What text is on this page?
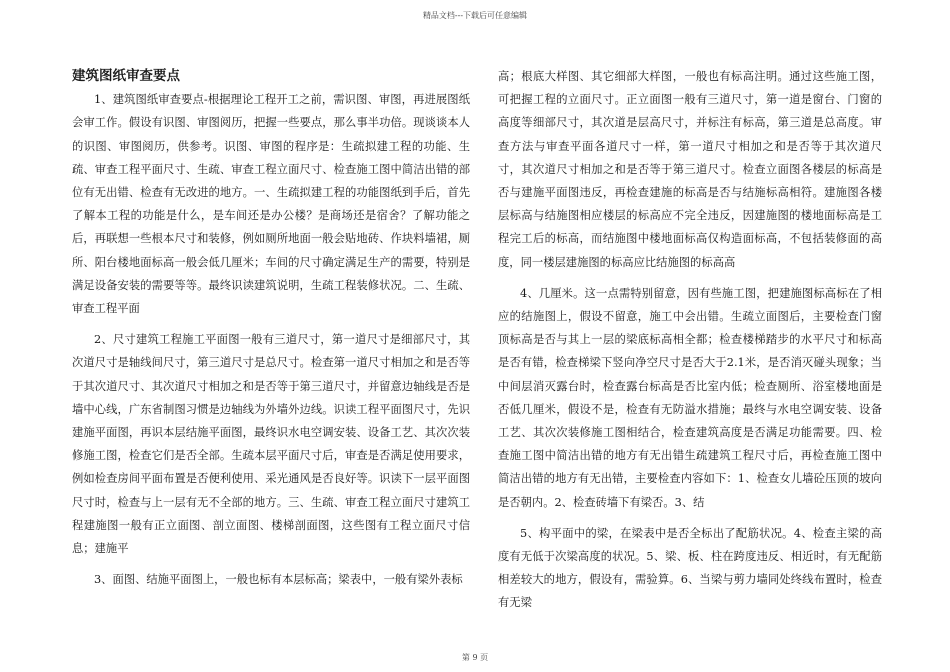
精品文档---下载后可任意编辑
建筑图纸审查要点

1、建筑图纸审查要点-根据理论工程开工之前，需识图、审图，再进展图纸会审工作。假设有识图、审图阅历，把握一些要点，那么事半功倍。现谈谈本人的识图、审图阅历，供参考。识图、审图的程序是：生疏拟建工程的功能、生疏、审查工程平面尺寸、生疏、审查工程立面尺寸、检查施工图中简洁出错的部位有无出错、检查有无改进的地方。一、生疏拟建工程的功能图纸到手后，首先了解本工程的功能是什么，是车间还是办公楼？是商场还是宿舍？了解功能之后，再联想一些根本尺寸和装修，例如厕所地面一般会贴地砖、作块料墙裙，厕所、阳台楼地面标高一般会低几厘米；车间的尺寸确定满足生产的需要，特别是满足设备安装的需要等等。最终识读建筑说明，生疏工程装修状况。二、生疏、审查工程平面

2、尺寸建筑工程施工平面图一般有三道尺寸，第一道尺寸是细部尺寸，其次道尺寸是轴线间尺寸，第三道尺寸是总尺寸。检查第一道尺寸相加之和是否等于其次道尺寸、其次道尺寸相加之和是否等于第三道尺寸，并留意边轴线是否是墙中心线，广东省制图习惯是边轴线为外墙外边线。识读工程平面图尺寸，先识建施平面图，再识本层结施平面图，最终识水电空调安装、设备工艺、其次次装修施工图，检查它们是否全部。生疏本层平面尺寸后，审查是否满足使用要求，例如检查房间平面布置是否便利使用、采光通风是否良好等。识读下一层平面图尺寸时，检查与上一层有无不全部的地方。三、生疏、审查工程立面尺寸建筑工程建施图一般有正立面图、剖立面图、楼梯剖面图，这些图有工程立面尺寸信息；建施平

3、面图、结施平面图上，一般也标有本层标高；梁表中，一般有梁外表标

高；根底大样图、其它细部大样图，一般也有标高注明。通过这些施工图，可把握工程的立面尺寸。正立面图一般有三道尺寸，第一道是窗台、门窗的高度等细部尺寸，其次道是层高尺寸，并标注有标高，第三道是总高度。审查方法与审查平面各道尺寸一样，第一道尺寸相加之和是否等于其次道尺寸，其次道尺寸相加之和是否等于第三道尺寸。检查立面图各楼层的标高是否与建施平面图违反，再检查建施的标高是否与结施标高相符。建施图各楼层标高与结施图相应楼层的标高应不完全违反，因建施图的楼地面标高是工程完工后的标高，而结施图中楼地面标高仅构造面标高，不包括装修面的高度，同一楼层建施图的标高应比结施图的标高高

4、几厘米。这一点需特别留意，因有些施工图，把建施图标高标在了相应的结施图上，假设不留意，施工中会出错。生疏立面图后，主要检查门窗顶标高是否与其上一层的梁底标高相全都；检查楼梯踏步的水平尺寸和标高是否有错，检查梯梁下竖向净空尺寸是否大于2.1米，是否消灭碰头现象；当中间层消灭露台时，检查露台标高是否比室内低；检查厕所、浴室楼地面是否低几厘米，假设不是，检查有无防溢水措施；最终与水电空调安装、设备工艺、其次次装修施工图相结合，检查建筑高度是否满足功能需要。四、检查施工图中简洁出错的地方有无出错生疏建筑工程尺寸后，再检查施工图中简洁出错的地方有无出错，主要检查内容如下：1、检查女儿墙砼压顶的坡向是否朝内。2、检查砖墙下有梁否。3、结

5、构平面中的梁，在梁表中是否全标出了配筋状况。4、检查主梁的高度有无低于次梁高度的状况。5、梁、板、柱在跨度违反、相近时，有无配筋相差较大的地方，假设有，需验算。6、当梁与剪力墙同处终线布置时，检查有无梁

第 9 页
